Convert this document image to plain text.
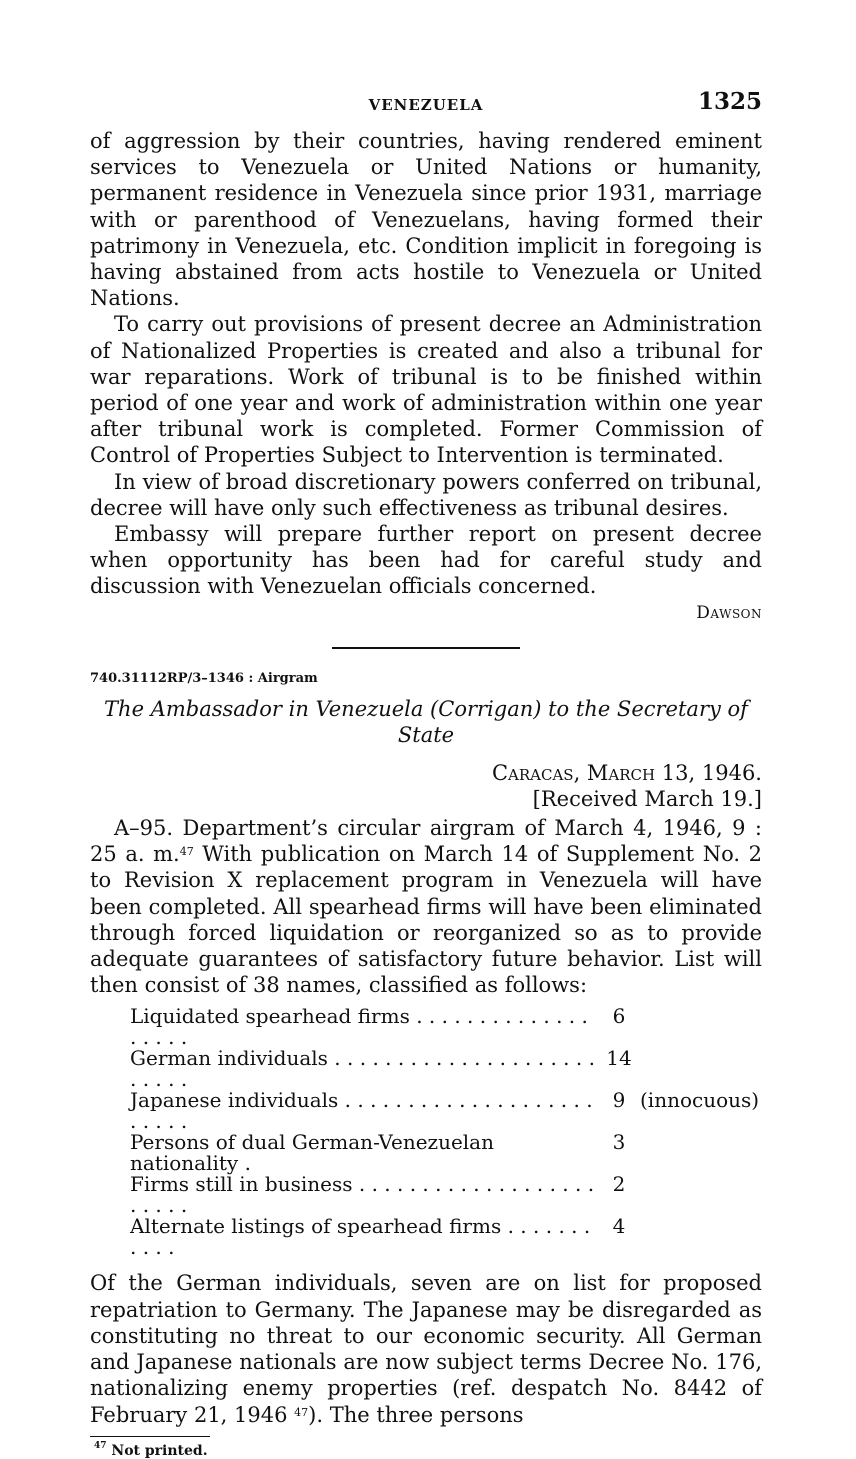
VENEZUELA	1325

of aggression by their countries, having rendered eminent services to Venezuela or United Nations or humanity, permanent residence in Venezuela since prior 1931, marriage with or parenthood of Venezuelans, having formed their patrimony in Venezuela, etc. Condition implicit in foregoing is having abstained from acts hostile to Venezuela or United Nations.

To carry out provisions of present decree an Administration of Nationalized Properties is created and also a tribunal for war reparations. Work of tribunal is to be finished within period of one year and work of administration within one year after tribunal work is completed. Former Commission of Control of Properties Subject to Intervention is terminated.

In view of broad discretionary powers conferred on tribunal, decree will have only such effectiveness as tribunal desires.

Embassy will prepare further report on present decree when opportunity has been had for careful study and discussion with Venezuelan officials concerned.

Dawson
740.31112RP/3–1346 : Airgram
The Ambassador in Venezuela (Corrigan) to the Secretary of State
Caracas, March 13, 1946.
[Received March 19.]

A–95. Department’s circular airgram of March 4, 1946, 9 : 25 a. m.$^{47}$ With publication on March 14 of Supplement No. 2 to Revision X replacement program in Venezuela will have been completed. All spearhead firms will have been eliminated through forced liquidation or reorganized so as to provide adequate guarantees of satisfactory future behavior. List will then consist of 38 names, classified as follows:

Liquidated spearhead firms . . . . . . . . . . . . . . . . . . .	6	
German individuals . . . . . . . . . . . . . . . . . . . . . . . . . .	14	
Japanese individuals . . . . . . . . . . . . . . . . . . . . . . . . .	9	(innocuous)
Persons of dual German-Venezuelan nationality .	3	
Firms still in business . . . . . . . . . . . . . . . . . . . . . . . .	2	
Alternate listings of spearhead firms . . . . . . . . . . .	4	

Of the German individuals, seven are on list for proposed repatriation to Germany. The Japanese may be disregarded as constituting no threat to our economic security. All German and Japanese nationals are now subject terms Decree No. 176, nationalizing enemy properties (ref. despatch No. 8442 of February 21, 1946 $^{47}$). The three persons

$^{47}$ Not printed.
